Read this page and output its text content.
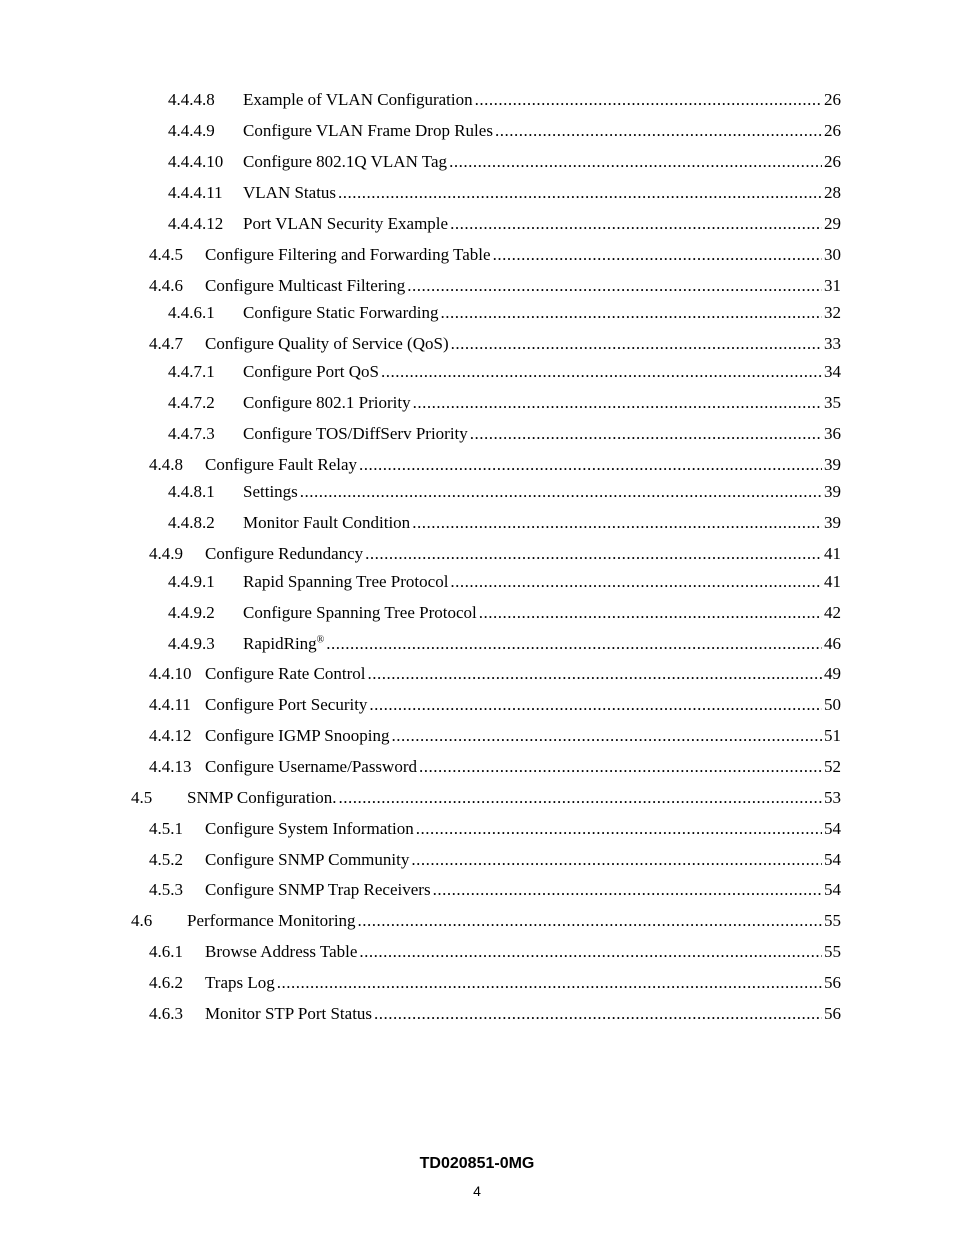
4.4.4.8	Example of VLAN Configuration .....	26
4.4.4.9	Configure VLAN Frame Drop Rules .....	26
4.4.4.10	Configure 802.1Q VLAN Tag .....	26
4.4.4.11	VLAN Status .....	28
4.4.4.12	Port VLAN Security Example .....	29
4.4.5	Configure Filtering and Forwarding Table .....	30
4.4.6	Configure Multicast Filtering .....	31
4.4.6.1	Configure Static Forwarding .....	32
4.4.7	Configure Quality of Service (QoS) .....	33
4.4.7.1	Configure Port QoS .....	34
4.4.7.2	Configure 802.1 Priority .....	35
4.4.7.3	Configure TOS/DiffServ Priority .....	36
4.4.8	Configure Fault Relay .....	39
4.4.8.1	Settings .....	39
4.4.8.2	Monitor Fault Condition .....	39
4.4.9	Configure Redundancy .....	41
4.4.9.1	Rapid Spanning Tree Protocol .....	41
4.4.9.2	Configure Spanning Tree Protocol .....	42
4.4.9.3	RapidRing® .....	46
4.4.10 Configure Rate Control .....	49
4.4.11 Configure Port Security .....	50
4.4.12 Configure IGMP Snooping .....	51
4.4.13 Configure Username/Password .....	52
4.5	SNMP Configuration. .....	53
4.5.1	Configure System Information .....	54
4.5.2	Configure SNMP Community .....	54
4.5.3	Configure SNMP Trap Receivers .....	54
4.6	Performance Monitoring .....	55
4.6.1	Browse Address Table .....	55
4.6.2	Traps Log .....	56
4.6.3	Monitor STP Port Status .....	56
TD020851-0MG
4
